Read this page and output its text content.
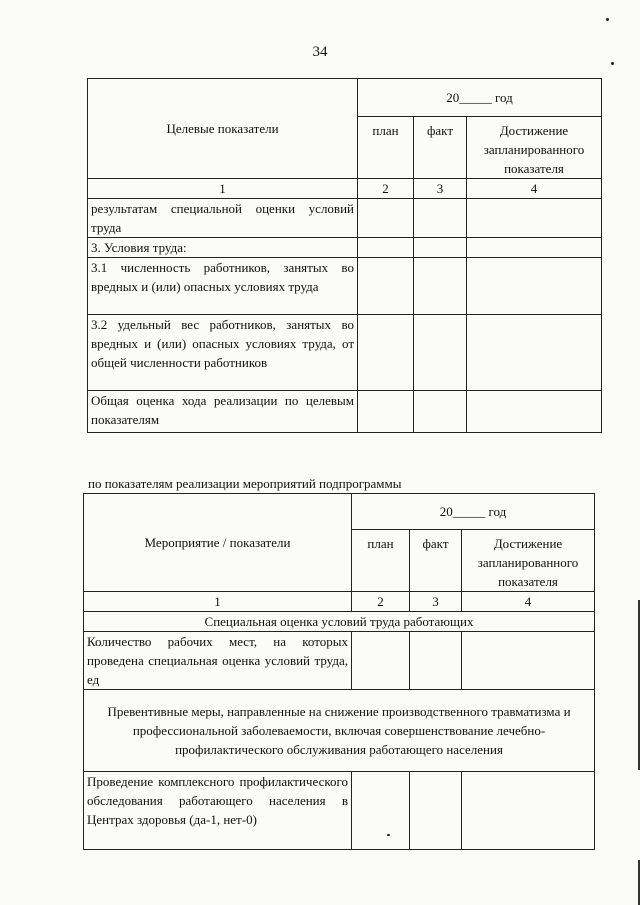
34
Целевые показатели	20_____ год		
	план	факт	Достижение запланированного показателя
1	2	3	4
результатам специальной оценки условий труда			
3. Условия труда:			
3.1 численность работников, занятых во вредных и (или) опасных условиях труда			
3.2 удельный вес работников, занятых во вредных и (или) опасных условиях труда, от общей численности работников			
Общая оценка хода реализации по целевым показателям			
по показателям реализации мероприятий подпрограммы
Мероприятие / показатели	20_____ год		
	план	факт	Достижение запланированного показателя
1	2	3	4
Специальная оценка условий труда работающих			
Количество рабочих мест, на которых проведена специальная оценка условий труда, ед			
Превентивные меры, направленные на снижение производственного травматизма и профессиональной заболеваемости, включая совершенствование лечебно-профилактического обслуживания работающего населения			
Проведение комплексного профилактического обследования работающего населения в Центрах здоровья (да-1, нет-0)			
